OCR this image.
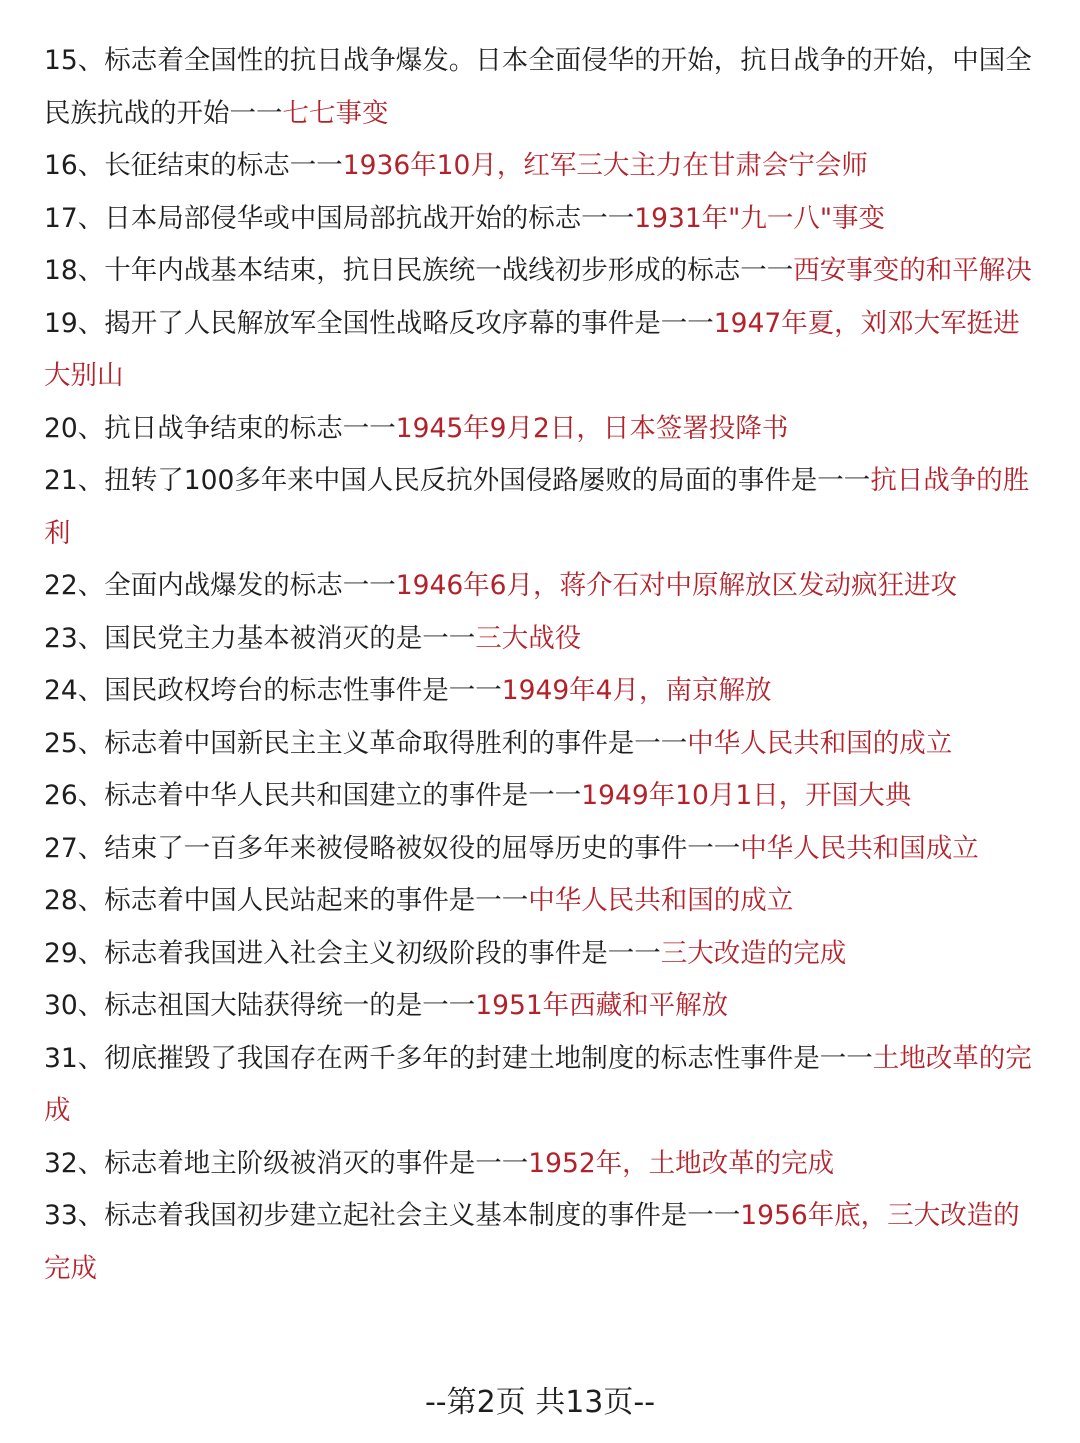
15、标志着全国性的抗日战争爆发。日本全面侵华的开始，抗日战争的开始，中国全民族抗战的开始一一七七事变

16、长征结束的标志一一1936年10月，红军三大主力在甘肃会宁会师

17、日本局部侵华或中国局部抗战开始的标志一一1931年"九一八"事变

18、十年内战基本结束，抗日民族统一战线初步形成的标志一一西安事变的和平解决

19、揭开了人民解放军全国性战略反攻序幕的事件是一一1947年夏，刘邓大军挺进大别山

20、抗日战争结束的标志一一1945年9月2日，日本签署投降书

21、扭转了100多年来中国人民反抗外国侵路屡败的局面的事件是一一抗日战争的胜利

22、全面内战爆发的标志一一1946年6月，蒋介石对中原解放区发动疯狂进攻

23、国民党主力基本被消灭的是一一三大战役

24、国民政权垮台的标志性事件是一一1949年4月，南京解放

25、标志着中国新民主主义革命取得胜利的事件是一一中华人民共和国的成立

26、标志着中华人民共和国建立的事件是一一1949年10月1日，开国大典

27、结束了一百多年来被侵略被奴役的屈辱历史的事件一一中华人民共和国成立

28、标志着中国人民站起来的事件是一一中华人民共和国的成立

29、标志着我国进入社会主义初级阶段的事件是一一三大改造的完成

30、标志祖国大陆获得统一的是一一1951年西藏和平解放

31、彻底摧毁了我国存在两千多年的封建土地制度的标志性事件是一一土地改革的完成

32、标志着地主阶级被消灭的事件是一一1952年，土地改革的完成

33、标志着我国初步建立起社会主义基本制度的事件是一一1956年底，三大改造的完成

--第2页 共13页--
